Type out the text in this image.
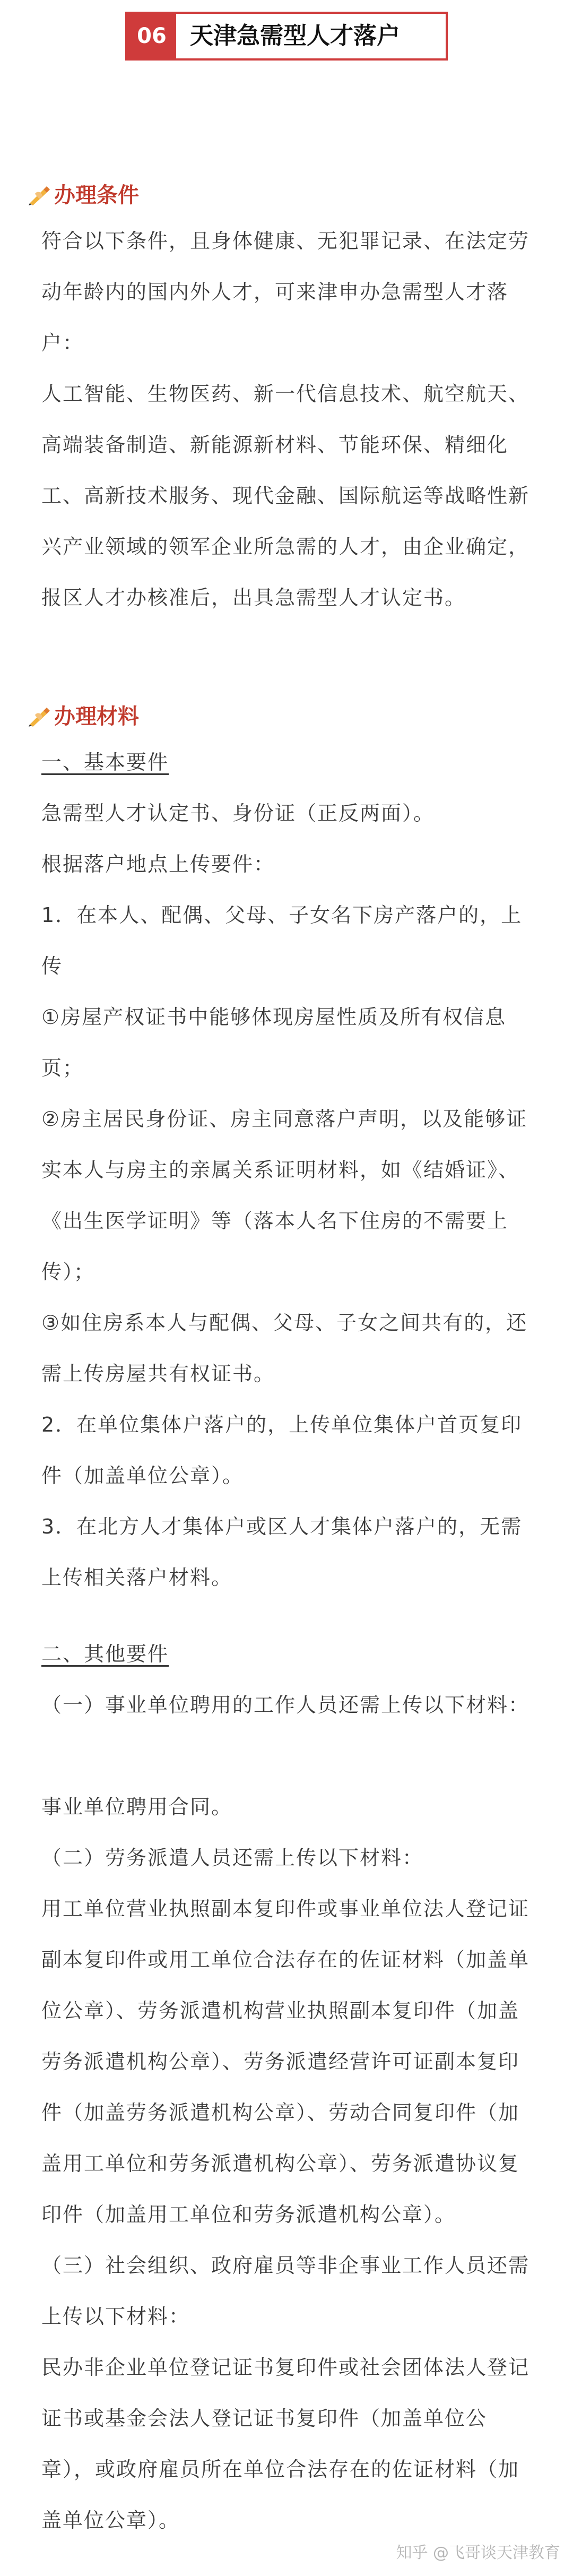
06	天津急需型人才落户
办理条件

符合以下条件，且身体健康、无犯罪记录、在法定劳动年龄内的国内外人才，可来津申办急需型人才落户：

人工智能、生物医药、新一代信息技术、航空航天、高端装备制造、新能源新材料、节能环保、精细化工、高新技术服务、现代金融、国际航运等战略性新兴产业领域的领军企业所急需的人才，由企业确定，报区人才办核准后，出具急需型人才认定书。

办理材料

一、基本要件

急需型人才认定书、身份证（正反两面）。

根据落户地点上传要件：

1．在本人、配偶、父母、子女名下房产落户的，上传

①房屋产权证书中能够体现房屋性质及所有权信息页；

②房主居民身份证、房主同意落户声明，以及能够证实本人与房主的亲属关系证明材料，如《结婚证》、《出生医学证明》等（落本人名下住房的不需要上传）；

③如住房系本人与配偶、父母、子女之间共有的，还需上传房屋共有权证书。

2．在单位集体户落户的，上传单位集体户首页复印件（加盖单位公章）。

3．在北方人才集体户或区人才集体户落户的，无需上传相关落户材料。

二、其他要件

（一）事业单位聘用的工作人员还需上传以下材料：

事业单位聘用合同。

（二）劳务派遣人员还需上传以下材料：

用工单位营业执照副本复印件或事业单位法人登记证副本复印件或用工单位合法存在的佐证材料（加盖单位公章）、劳务派遣机构营业执照副本复印件（加盖劳务派遣机构公章）、劳务派遣经营许可证副本复印件（加盖劳务派遣机构公章）、劳动合同复印件（加盖用工单位和劳务派遣机构公章）、劳务派遣协议复印件（加盖用工单位和劳务派遣机构公章）。

（三）社会组织、政府雇员等非企事业工作人员还需上传以下材料：

民办非企业单位登记证书复印件或社会团体法人登记证书或基金会法人登记证书复印件（加盖单位公章），或政府雇员所在单位合法存在的佐证材料（加盖单位公章）。

知乎 @飞哥谈天津教育
